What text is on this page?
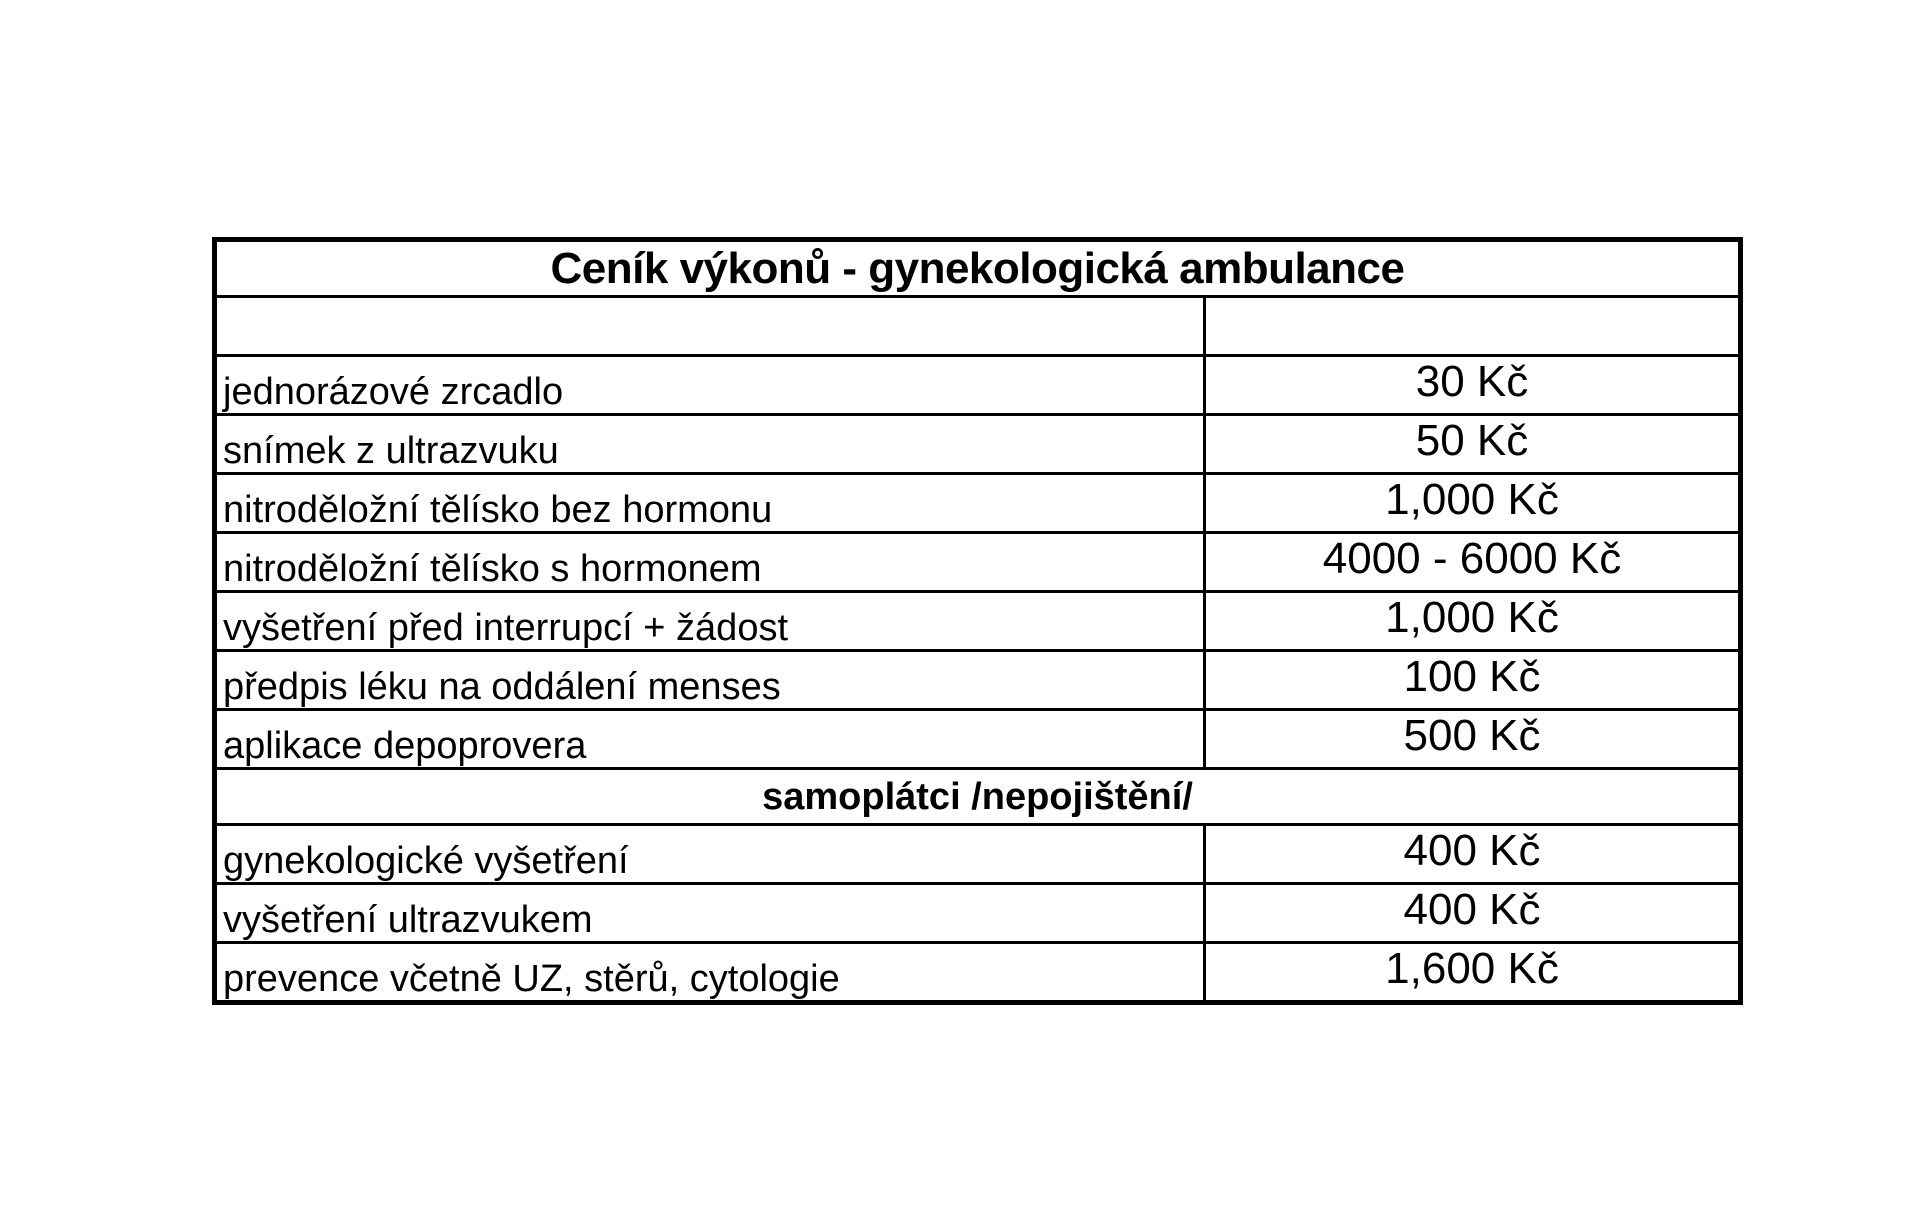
Ceník výkonů - gynekologická ambulance	

jednorázové zrcadlo	30 Kč
snímek z ultrazvuku	50 Kč
nitroděložní tělísko bez hormonu	1,000 Kč
nitroděložní tělísko s hormonem	4000 - 6000 Kč
vyšetření před interrupcí + žádost	1,000 Kč
předpis léku na oddálení menses	100 Kč
aplikace depoprovera	500 Kč
samoplátci /nepojištění/	
gynekologické vyšetření	400 Kč
vyšetření ultrazvukem	400 Kč
prevence včetně UZ, stěrů, cytologie	1,600 Kč
